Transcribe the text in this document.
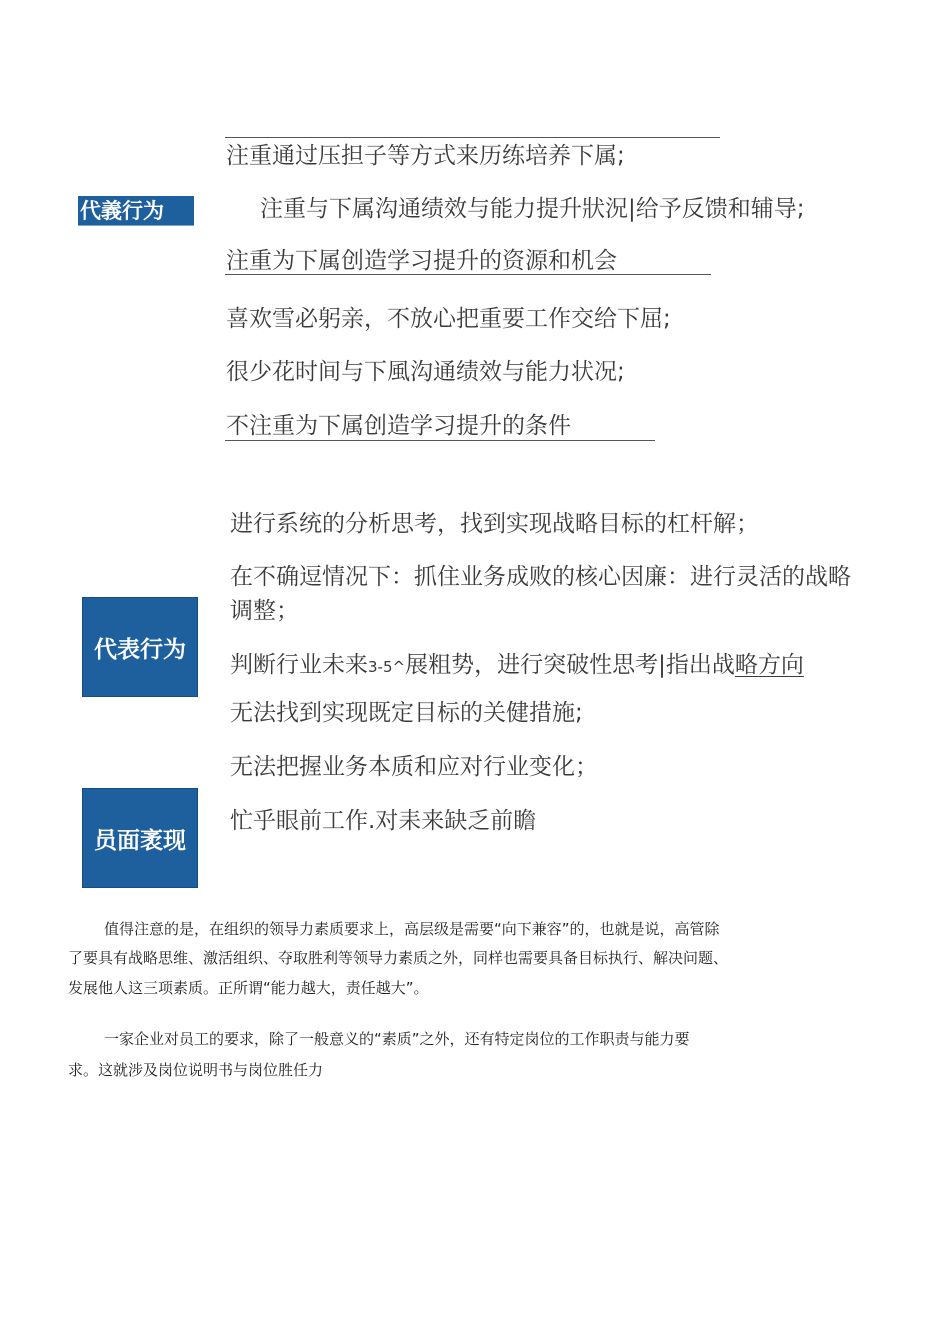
注重通过压担子等方式来历练培养下属;
代義行为	注重与下属沟通绩效与能力提升狀況|给予反馈和辅导;
注重为下属创造学习提升的资源和机会
喜欢雪必躬亲，不放心把重要工作交给下屈;
很少花时间与下風沟通绩效与能力状况;
不注重为下属创造学习提升的条件
进行系统的分析思考，找到实现战略目标的杠杆解；
在不确逗情况下：抓住业务成败的核心因廉：进行灵活的战略
调整；
代表行为
判断行业未来3-5^展粗势，进行突破性思考|指出战略方向
无法找到实现既定目标的关健措施;
无法把握业务本质和应对行业变化；
员面袤现
忙乎眼前工作.对耒来缺乏前瞻
值得注意的是，在组织的领导力素质要求上，高层级是需要“向下兼容”的，也就是说，高管除
了要具有战略思维、激活组织、夺取胜利等领导力素质之外，同样也需要具备目标执行、解决问题、
发展他人这三项素质。正所谓“能力越大，责任越大”。
一家企业对员工的要求，除了一般意义的“素质”之外，还有特定岗位的工作职责与能力要
求。这就涉及岗位说明书与岗位胜任力
